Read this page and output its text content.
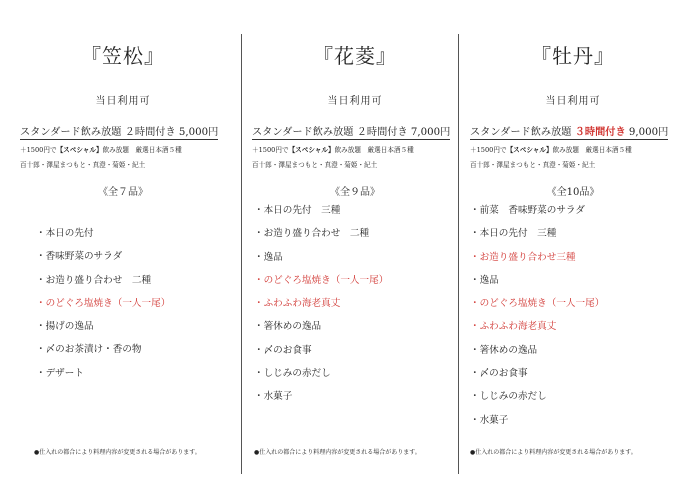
『笠松』
当日利用可
スタンダード飲み放題 ２時間付き 5,000円
＋1500円で【スペシャル】飲み放題　厳選日本酒５種
百十郎・澤屋まつもと・真澄・菊姫・紀土
《全７品》
・本日の先付
・香味野菜のサラダ
・お造り盛り合わせ　二種
・のどぐろ塩焼き（一人一尾）
・揚げの逸品
・〆のお茶漬け・香の物
・デザート
●仕入れの都合により料理内容が変更される場合があります。
『花菱』
当日利用可
スタンダード飲み放題 ２時間付き 7,000円
＋1500円で【スペシャル】飲み放題　厳選日本酒５種
百十郎・澤屋まつもと・真澄・菊姫・紀土
《全９品》
・本日の先付　三種
・お造り盛り合わせ　二種
・逸品
・のどぐろ塩焼き（一人一尾）
・ふわふわ海老真丈
・箸休めの逸品
・〆のお食事
・しじみの赤だし
・水菓子
●仕入れの都合により料理内容が変更される場合があります。
『牡丹』
当日利用可
スタンダード飲み放題 ３時間付き 9,000円
＋1500円で【スペシャル】飲み放題　厳選日本酒５種
百十郎・澤屋まつもと・真澄・菊姫・紀土
《全10品》
・前菜　香味野菜のサラダ
・本日の先付　三種
・お造り盛り合わせ三種
・逸品
・のどぐろ塩焼き（一人一尾）
・ふわふわ海老真丈
・箸休めの逸品
・〆のお食事
・しじみの赤だし
・水菓子
●仕入れの都合により料理内容が変更される場合があります。
